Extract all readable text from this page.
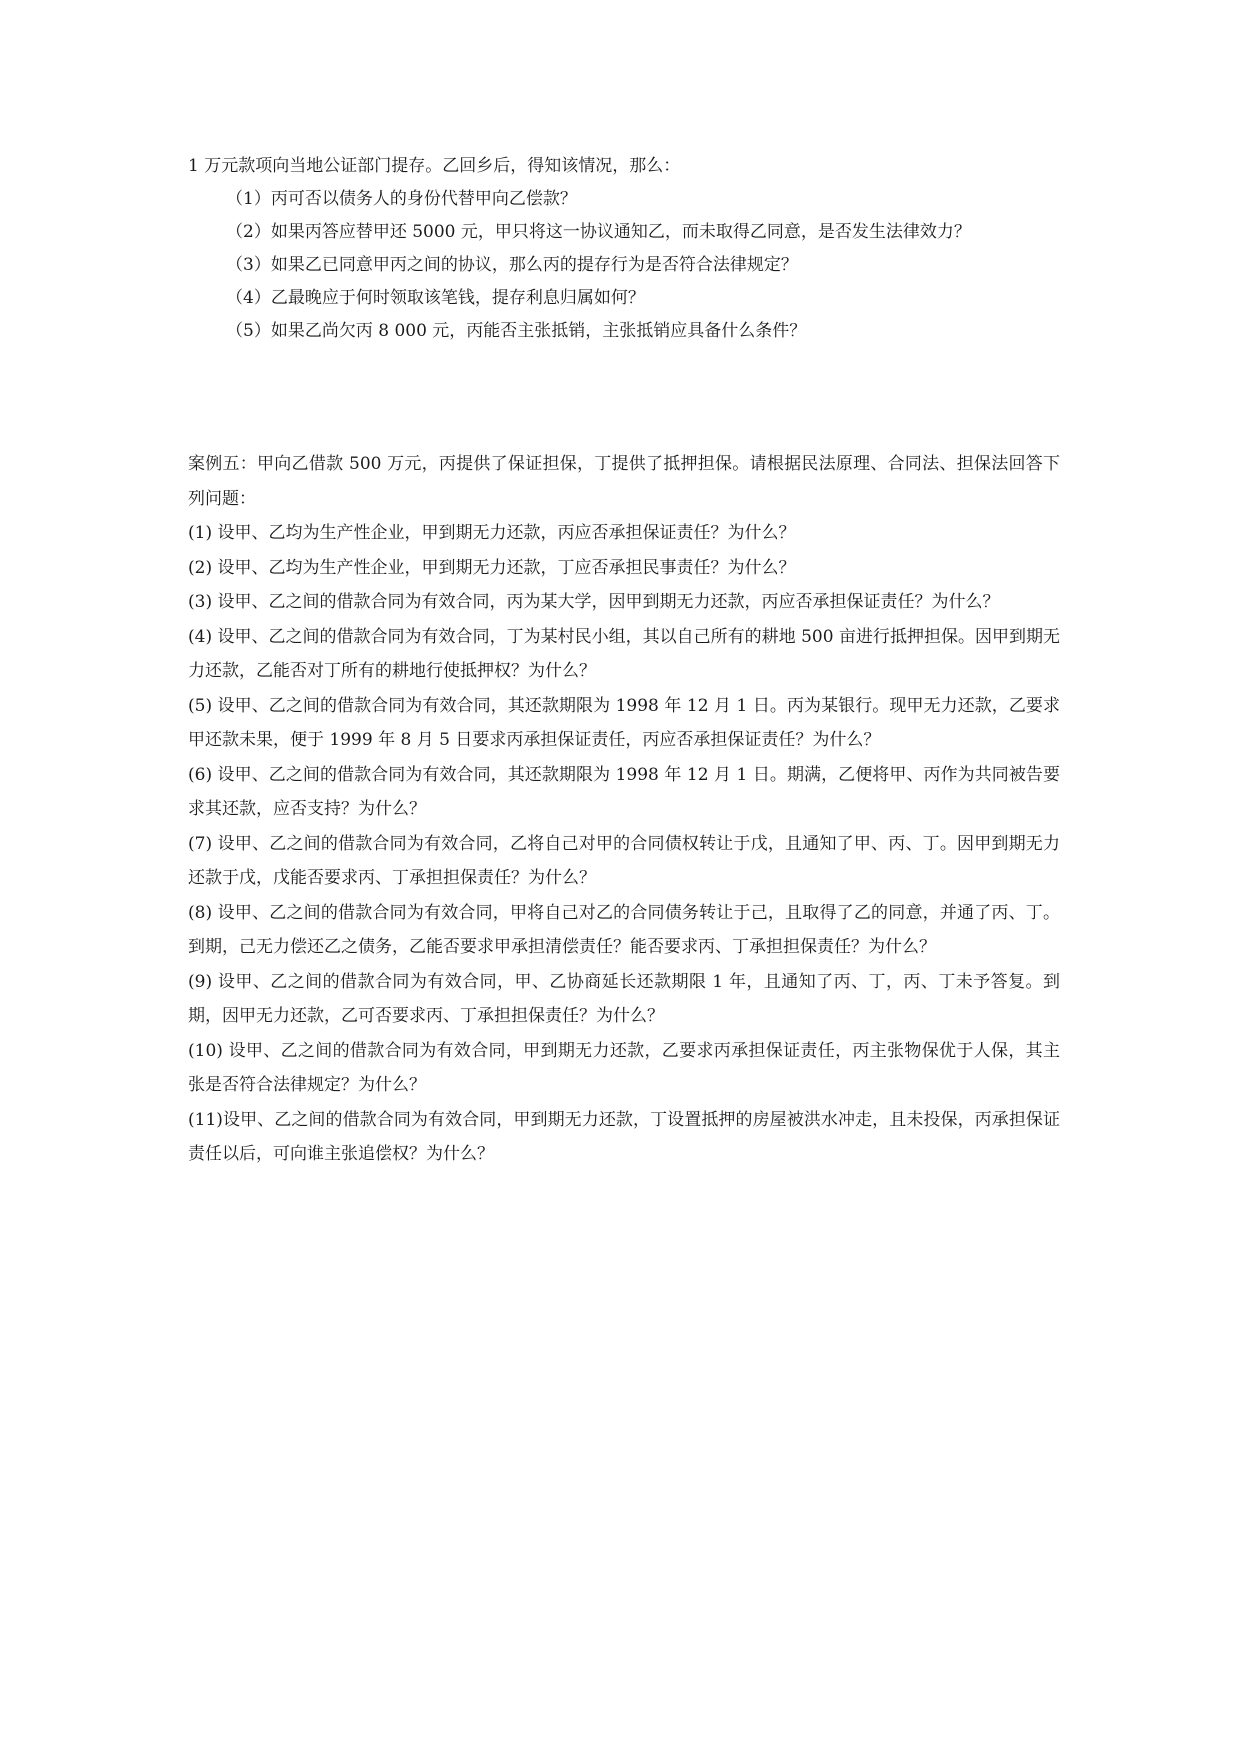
1 万元款项向当地公证部门提存。乙回乡后，得知该情况，那么：

（1）丙可否以债务人的身份代替甲向乙偿款？

（2）如果丙答应替甲还 5000 元，甲只将这一协议通知乙，而未取得乙同意，是否发生法律效力？

（3）如果乙已同意甲丙之间的协议，那么丙的提存行为是否符合法律规定？

（4）乙最晚应于何时领取该笔钱，提存利息归属如何？

（5）如果乙尚欠丙 8 000 元，丙能否主张抵销，主张抵销应具备什么条件？

案例五：甲向乙借款 500 万元，丙提供了保证担保，丁提供了抵押担保。请根据民法原理、合同法、担保法回答下列问题：

(1) 设甲、乙均为生产性企业，甲到期无力还款，丙应否承担保证责任？为什么？

(2) 设甲、乙均为生产性企业，甲到期无力还款，丁应否承担民事责任？为什么？

(3) 设甲、乙之间的借款合同为有效合同，丙为某大学，因甲到期无力还款，丙应否承担保证责任？为什么？

(4) 设甲、乙之间的借款合同为有效合同，丁为某村民小组，其以自己所有的耕地 500 亩进行抵押担保。因甲到期无力还款，乙能否对丁所有的耕地行使抵押权？为什么？

(5) 设甲、乙之间的借款合同为有效合同，其还款期限为 1998 年 12 月 1 日。丙为某银行。现甲无力还款，乙要求甲还款未果，便于 1999 年 8 月 5 日要求丙承担保证责任，丙应否承担保证责任？为什么？

(6) 设甲、乙之间的借款合同为有效合同，其还款期限为 1998 年 12 月 1 日。期满，乙便将甲、丙作为共同被告要求其还款，应否支持？为什么？

(7) 设甲、乙之间的借款合同为有效合同，乙将自己对甲的合同债权转让于戊，且通知了甲、丙、丁。因甲到期无力还款于戊，戊能否要求丙、丁承担担保责任？为什么？

(8) 设甲、乙之间的借款合同为有效合同，甲将自己对乙的合同债务转让于己，且取得了乙的同意，并通了丙、丁。到期，己无力偿还乙之债务，乙能否要求甲承担清偿责任？能否要求丙、丁承担担保责任？为什么？

(9) 设甲、乙之间的借款合同为有效合同，甲、乙协商延长还款期限 1 年，且通知了丙、丁，丙、丁未予答复。到期，因甲无力还款，乙可否要求丙、丁承担担保责任？为什么？

(10) 设甲、乙之间的借款合同为有效合同，甲到期无力还款，乙要求丙承担保证责任，丙主张物保优于人保，其主张是否符合法律规定？为什么？

(11)设甲、乙之间的借款合同为有效合同，甲到期无力还款，丁设置抵押的房屋被洪水冲走，且未投保，丙承担保证责任以后，可向谁主张追偿权？为什么？
